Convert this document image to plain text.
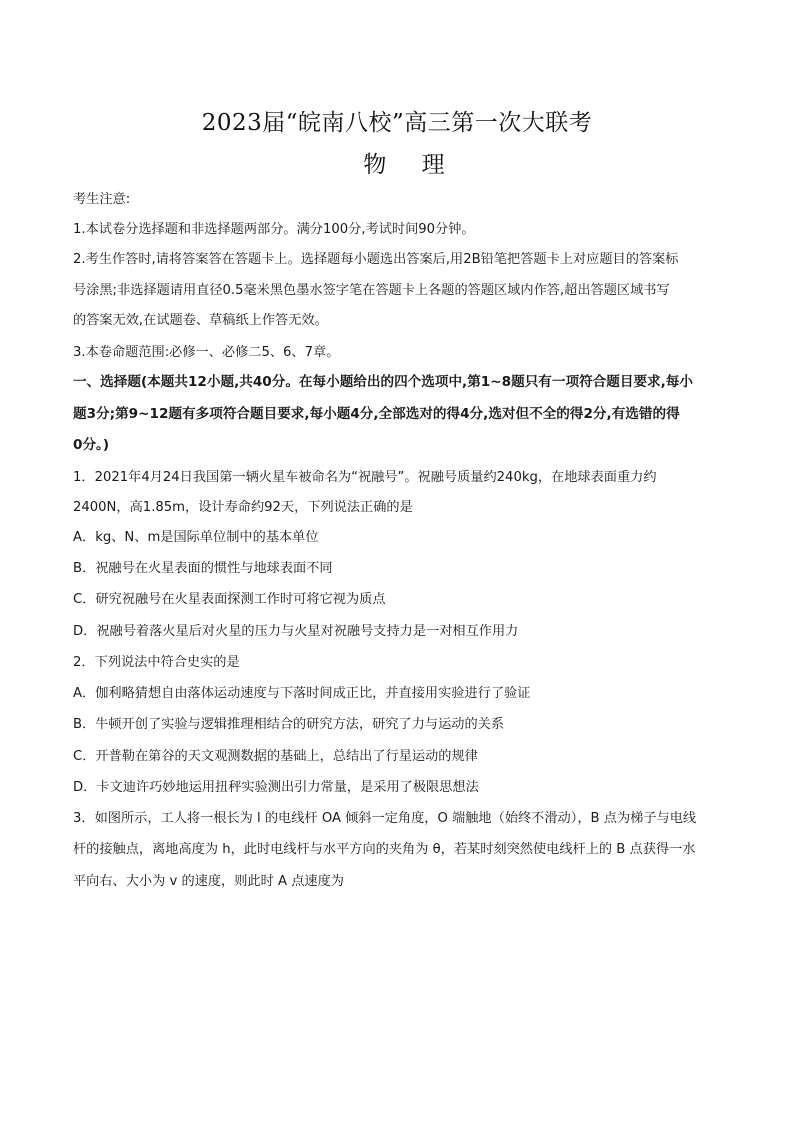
2023届“皖南八校”高三第一次大联考
物 理
考生注意:
1.本试卷分选择题和非选择题两部分。满分100分,考试时间90分钟。
2.考生作答时,请将答案答在答题卡上。选择题每小题选出答案后,用2B铅笔把答题卡上对应题目的答案标
号涂黑;非选择题请用直径0.5毫米黑色墨水签字笔在答题卡上各题的答题区域内作答,超出答题区域书写
的答案无效,在试题卷、草稿纸上作答无效。
3.本卷命题范围:必修一、必修二5、6、7章。
一、选择题(本题共12小题,共40分。在每小题给出的四个选项中,第1~8题只有一项符合题目要求,每小
题3分;第9~12题有多项符合题目要求,每小题4分,全部选对的得4分,选对但不全的得2分,有选错的得
0分。)
1．2021年4月24日我国第一辆火星车被命名为“祝融号”。祝融号质量约240kg，在地球表面重力约
2400N，高1.85m，设计寿命约92天，下列说法正确的是
A．kg、N、m是国际单位制中的基本单位
B．祝融号在火星表面的惯性与地球表面不同
C．研究祝融号在火星表面探测工作时可将它视为质点
D．祝融号着落火星后对火星的压力与火星对祝融号支持力是一对相互作用力
2．下列说法中符合史实的是
A．伽利略猜想自由落体运动速度与下落时间成正比，并直接用实验进行了验证
B．牛顿开创了实验与逻辑推理相结合的研究方法，研究了力与运动的关系
C．开普勒在第谷的天文观测数据的基础上，总结出了行星运动的规律
D．卡文迪许巧妙地运用扭秤实验测出引力常量，是采用了极限思想法
3．如图所示，工人将一根长为 l 的电线杆 OA 倾斜一定角度，O 端触地（始终不滑动），B 点为梯子与电线
杆的接触点，离地高度为 h，此时电线杆与水平方向的夹角为 θ，若某时刻突然使电线杆上的 B 点获得一水
平向右、大小为 v 的速度，则此时 A 点速度为
